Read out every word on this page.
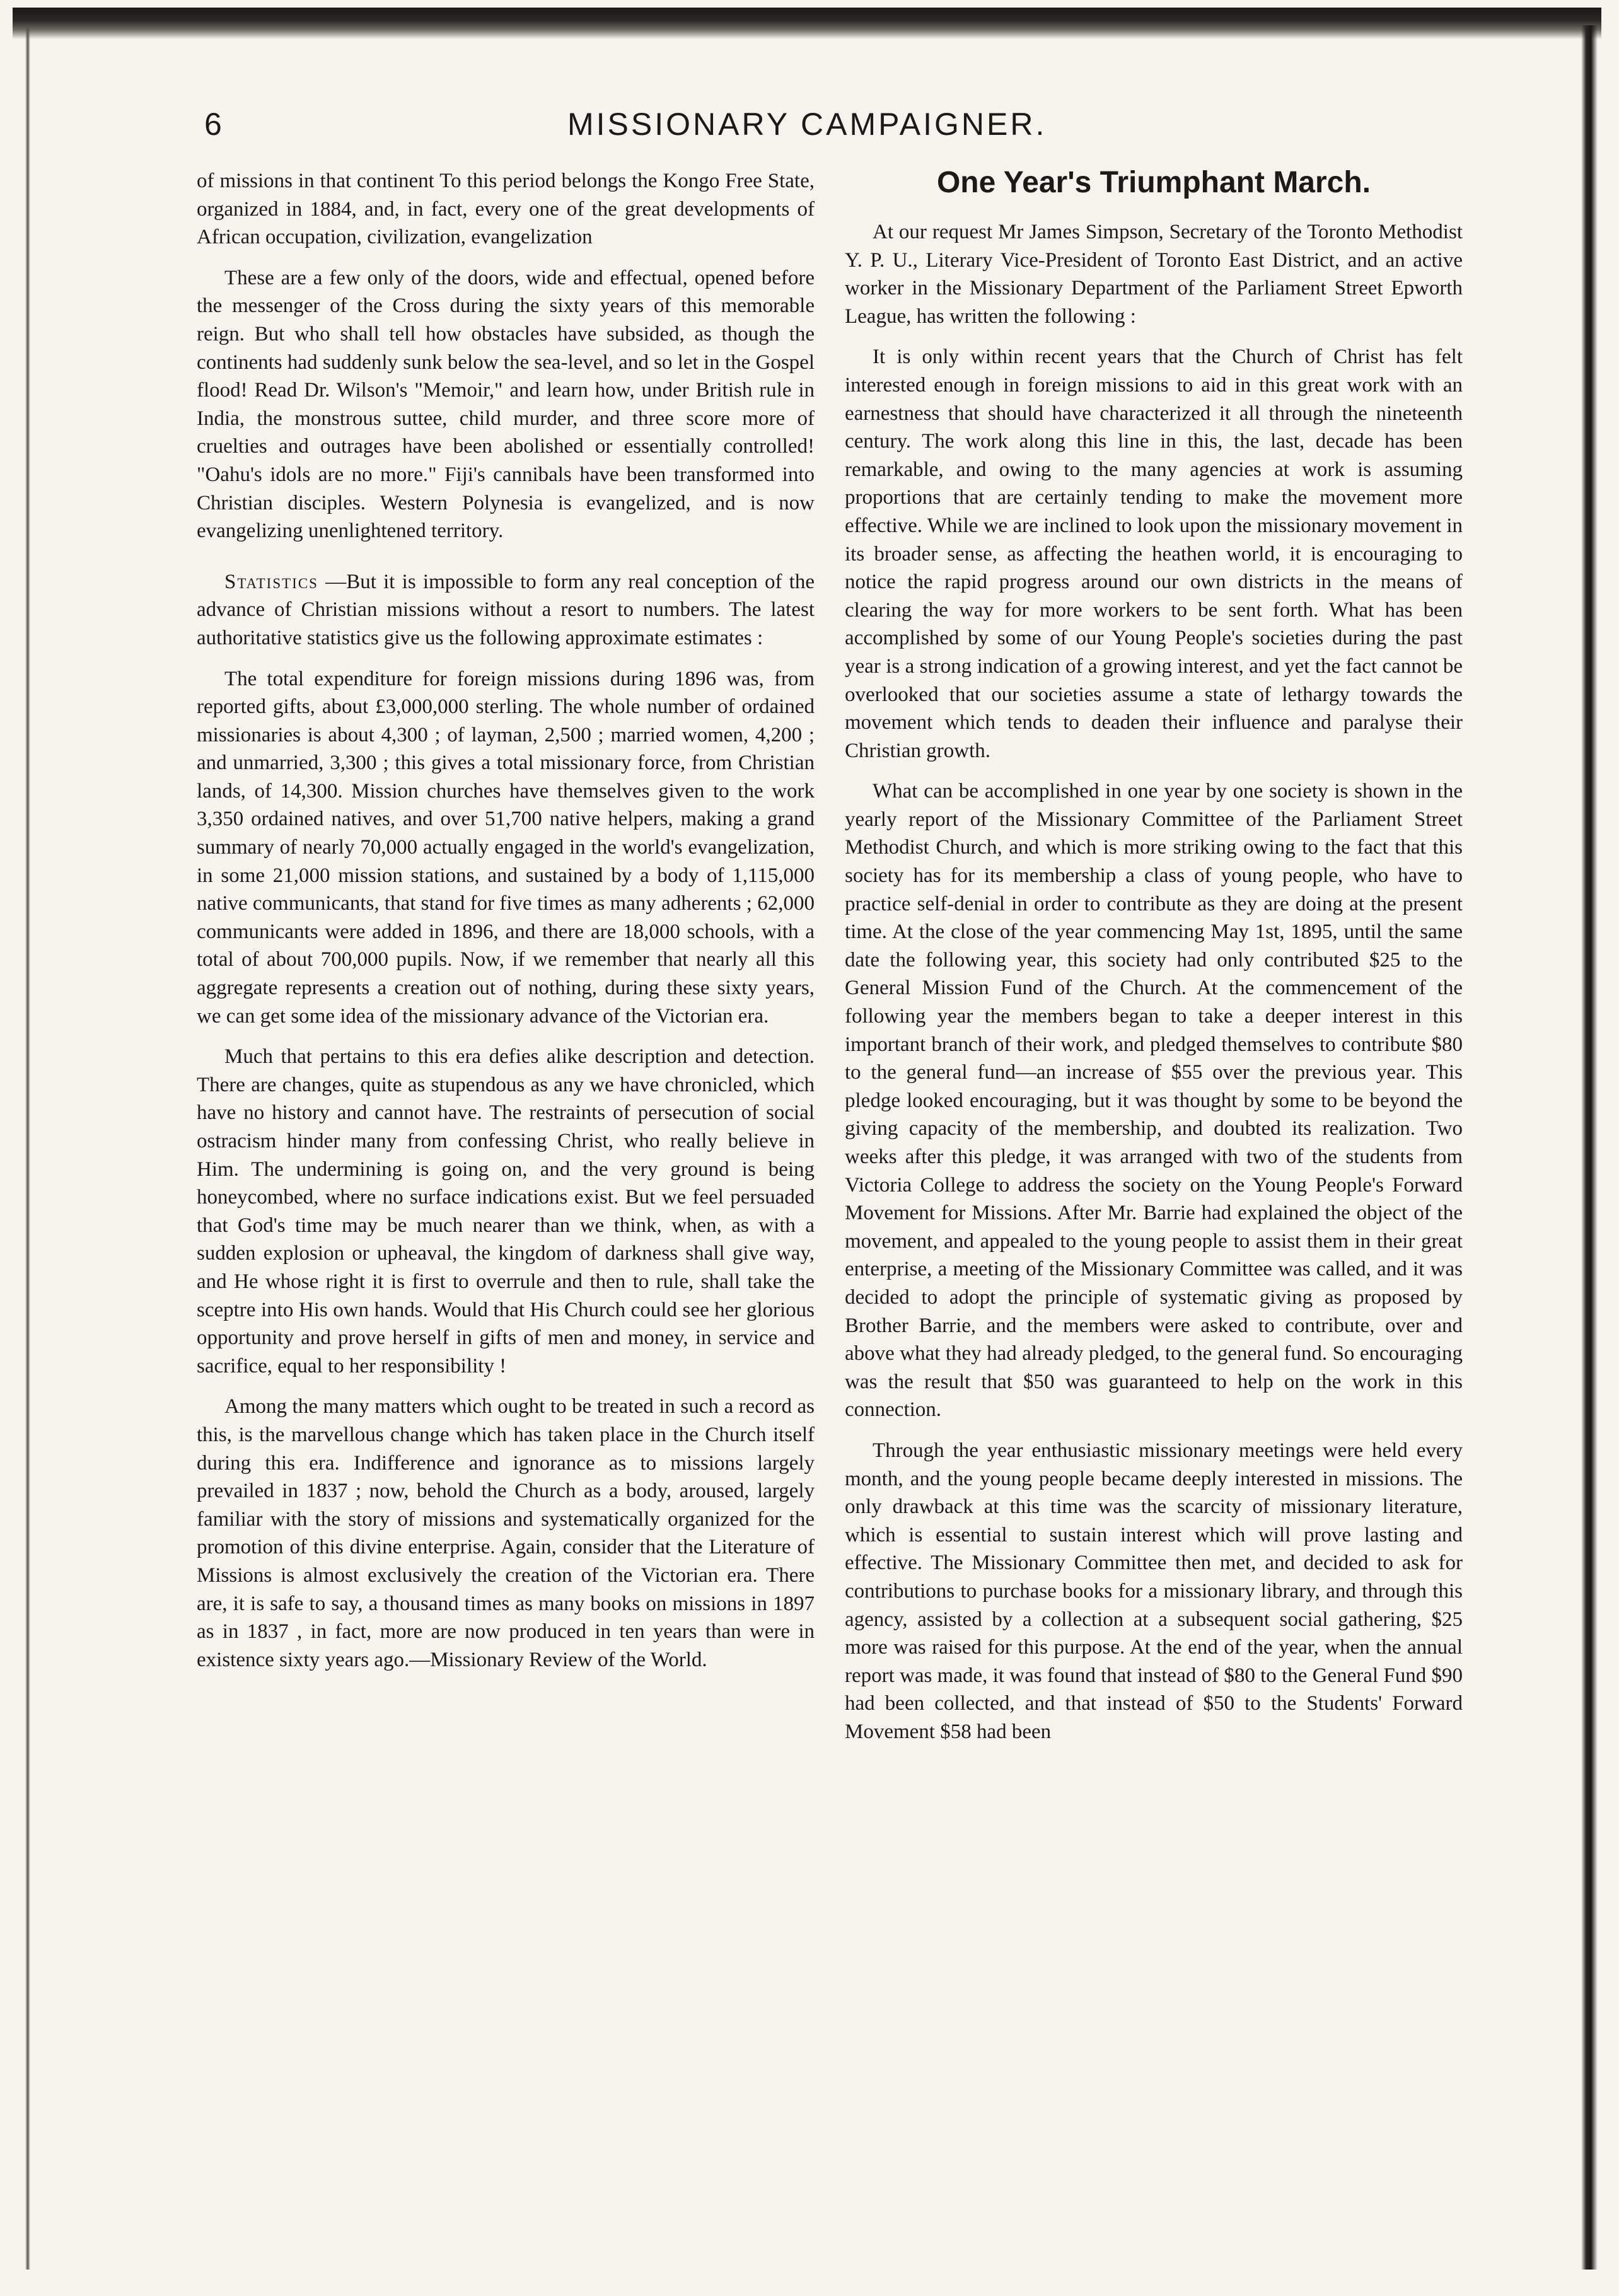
6	MISSIONARY CAMPAIGNER.

of missions in that continent To this period belongs the Kongo Free State, organized in 1884, and, in fact, every one of the great developments of African occupation, civilization, evangelization

These are a few only of the doors, wide and effectual, opened before the messenger of the Cross during the sixty years of this memorable reign. But who shall tell how obstacles have subsided, as though the continents had suddenly sunk below the sea-level, and so let in the Gospel flood! Read Dr. Wilson's "Memoir," and learn how, under British rule in India, the monstrous suttee, child murder, and three score more of cruelties and outrages have been abolished or essentially controlled! "Oahu's idols are no more." Fiji's cannibals have been transformed into Christian disciples. Western Polynesia is evangelized, and is now evangelizing unenlightened territory.

Statistics —But it is impossible to form any real conception of the advance of Christian missions without a resort to numbers. The latest authoritative statistics give us the following approximate estimates :

The total expenditure for foreign missions during 1896 was, from reported gifts, about £3,000,000 sterling. The whole number of ordained missionaries is about 4,300 ; of layman, 2,500 ; married women, 4,200 ; and unmarried, 3,300 ; this gives a total missionary force, from Christian lands, of 14,300. Mission churches have themselves given to the work 3,350 ordained natives, and over 51,700 native helpers, making a grand summary of nearly 70,000 actually engaged in the world's evangelization, in some 21,000 mission stations, and sustained by a body of 1,115,000 native communicants, that stand for five times as many adherents ; 62,000 communicants were added in 1896, and there are 18,000 schools, with a total of about 700,000 pupils. Now, if we remember that nearly all this aggregate represents a creation out of nothing, during these sixty years, we can get some idea of the missionary advance of the Victorian era.

Much that pertains to this era defies alike description and detection. There are changes, quite as stupendous as any we have chronicled, which have no history and cannot have. The restraints of persecution of social ostracism hinder many from confessing Christ, who really believe in Him. The undermining is going on, and the very ground is being honeycombed, where no surface indications exist. But we feel persuaded that God's time may be much nearer than we think, when, as with a sudden explosion or upheaval, the kingdom of darkness shall give way, and He whose right it is first to overrule and then to rule, shall take the sceptre into His own hands. Would that His Church could see her glorious opportunity and prove herself in gifts of men and money, in service and sacrifice, equal to her responsibility !

Among the many matters which ought to be treated in such a record as this, is the marvellous change which has taken place in the Church itself during this era. Indifference and ignorance as to missions largely prevailed in 1837 ; now, behold the Church as a body, aroused, largely familiar with the story of missions and systematically organized for the promotion of this divine enterprise. Again, consider that the Literature of Missions is almost exclusively the creation of the Victorian era. There are, it is safe to say, a thousand times as many books on missions in 1897 as in 1837 , in fact, more are now produced in ten years than were in existence sixty years ago.—Missionary Review of the World.

One Year's Triumphant March.

At our request Mr James Simpson, Secretary of the Toronto Methodist Y. P. U., Literary Vice-President of Toronto East District, and an active worker in the Missionary Department of the Parliament Street Epworth League, has written the following :

It is only within recent years that the Church of Christ has felt interested enough in foreign missions to aid in this great work with an earnestness that should have characterized it all through the nineteenth century. The work along this line in this, the last, decade has been remarkable, and owing to the many agencies at work is assuming proportions that are certainly tending to make the movement more effective. While we are inclined to look upon the missionary movement in its broader sense, as affecting the heathen world, it is encouraging to notice the rapid progress around our own districts in the means of clearing the way for more workers to be sent forth. What has been accomplished by some of our Young People's societies during the past year is a strong indication of a growing interest, and yet the fact cannot be overlooked that our societies assume a state of lethargy towards the movement which tends to deaden their influence and paralyse their Christian growth.

What can be accomplished in one year by one society is shown in the yearly report of the Missionary Committee of the Parliament Street Methodist Church, and which is more striking owing to the fact that this society has for its membership a class of young people, who have to practice self-denial in order to contribute as they are doing at the present time. At the close of the year commencing May 1st, 1895, until the same date the following year, this society had only contributed $25 to the General Mission Fund of the Church. At the commencement of the following year the members began to take a deeper interest in this important branch of their work, and pledged themselves to contribute $80 to the general fund—an increase of $55 over the previous year. This pledge looked encouraging, but it was thought by some to be beyond the giving capacity of the membership, and doubted its realization. Two weeks after this pledge, it was arranged with two of the students from Victoria College to address the society on the Young People's Forward Movement for Missions. After Mr. Barrie had explained the object of the movement, and appealed to the young people to assist them in their great enterprise, a meeting of the Missionary Committee was called, and it was decided to adopt the principle of systematic giving as proposed by Brother Barrie, and the members were asked to contribute, over and above what they had already pledged, to the general fund. So encouraging was the result that $50 was guaranteed to help on the work in this connection.

Through the year enthusiastic missionary meetings were held every month, and the young people became deeply interested in missions. The only drawback at this time was the scarcity of missionary literature, which is essential to sustain interest which will prove lasting and effective. The Missionary Committee then met, and decided to ask for contributions to purchase books for a missionary library, and through this agency, assisted by a collection at a subsequent social gathering, $25 more was raised for this purpose. At the end of the year, when the annual report was made, it was found that instead of $80 to the General Fund $90 had been collected, and that instead of $50 to the Students' Forward Movement $58 had been
